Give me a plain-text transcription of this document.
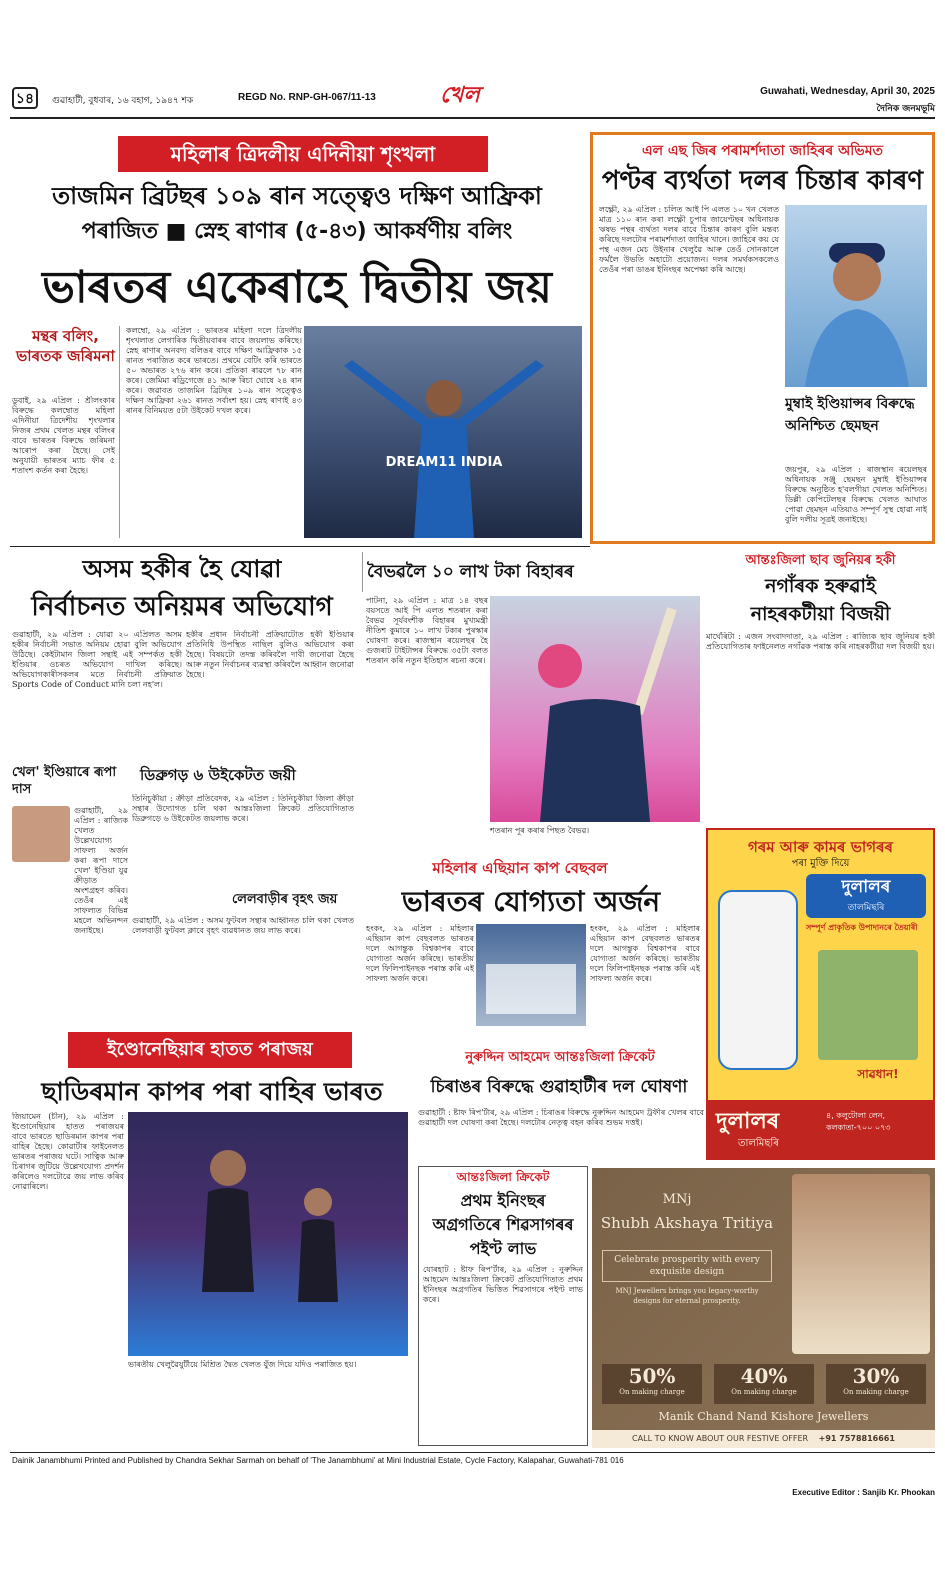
১৪	গুৱাহাটী, বুধবাৰ, ১৬ বহাগ, ১৯৪৭ শক	REGD No. RNP-GH-067/11-13	খেল	Guwahati, Wednesday, April 30, 2025
দৈনিক জনমভূমি
মহিলাৰ ত্ৰিদলীয় এদিনীয়া শৃংখলা
তাজমিন ব্ৰিটছৰ ১০৯ ৰান সত্ত্বেও দক্ষিণ আফ্ৰিকা
পৰাজিত ■ স্নেহ ৰাণাৰ (৫-৪৩) আকৰ্ষণীয় বলিং
ভাৰতৰ একেৰাহে দ্বিতীয় জয়
মন্থৰ বলিং, ভাৰতক জৰিমনা
ডুবাই, ২৯ এপ্ৰিল : শ্ৰীলংকাৰ বিৰুদ্ধে কলম্বোত মহিলা এদিনীয়া ত্ৰিদেশীয় শৃংখলাৰ নিজৰ প্ৰথম খেলত মন্থৰ বলিংৰ বাবে ভাৰতৰ বিৰুদ্ধে জৰিমনা আৰোপ কৰা হৈছে। সেই অনুযায়ী ভাৰতৰ ম্যাচ ফীৰ ৫ শতাংশ কৰ্তন কৰা হৈছে।
কলম্বো, ২৯ এপ্ৰিল : ভাৰতৰ মহিলা দলে ত্ৰিদলীয় শৃংখলাত লেগাৰিক দ্বিতীয়বাৰৰ বাবে জয়লাভ কৰিছে। স্নেহ ৰাণাৰ অনবদ্য বলিঙৰ বাবে দক্ষিণ আফ্ৰিকাক ১৫ ৰানত পৰাজিত কৰে ভাৰতে। প্ৰথমে বেটিং কৰি ভাৰতে ৫০ অভাৰত ২৭৬ ৰান কৰে। প্ৰতিকা ৰাৱলে ৭৮ ৰান কৰে। জেমিমা ৰড্ৰিগেজে ৪১ আৰু ৰিচা ঘোষে ২৪ ৰান কৰে। জৱাবত তাজমিন ব্ৰিটছৰ ১০৯ ৰান সত্ত্বেও দক্ষিণ আফ্ৰিকা ২৬১ ৰানত সৰ্বাংশ হয়। স্নেহ ৰাণাই ৪৩ ৰানৰ বিনিময়ত ৫টা উইকেট দখল কৰে।
DREAM11 INDIA
এল এছ জিৰ পৰামৰ্শদাতা জাহিৰৰ অভিমত
পণ্টৰ ব্যৰ্থতা দলৰ চিন্তাৰ কাৰণ
লক্ষ্ণৌ, ২৯ এপ্ৰিল : চলিত আই পি এলত ১০ খন খেলত মাত্ৰ ১১০ ৰান কৰা লক্ষ্ণৌ চুপাৰ জায়েণ্টছৰ অধিনায়ক ঋষভ পন্থৰ ব্যৰ্থতা দলৰ বাবে চিন্তাৰ কাৰণ বুলি মন্তব্য কৰিছে দলটোৰ পৰামৰ্শদাতা জাহিৰ খানে। জাহিৰে কয় যে পন্থ এজন মেচ উইনাৰ খেলুৱৈ আৰু তেওঁ সোনকালে ফৰ্মলৈ উভতি অহাটো প্ৰয়োজন। দলৰ সমৰ্থকসকলেও তেওঁৰ পৰা ডাঙৰ ইনিংছৰ অপেক্ষা কৰি আছে।
মুম্বাই ইণ্ডিয়ান্সৰ বিৰুদ্ধে অনিশ্চিত ছেমছন
জয়পুৰ, ২৯ এপ্ৰিল : ৰাজস্থান ৰয়েলছৰ অধিনায়ক সঞ্জু ছেমছন মুম্বাই ইণ্ডিয়ান্সৰ বিৰুদ্ধে অনুষ্ঠিত হ'বলগীয়া খেলত অনিশ্চিত। ডিল্লী কেপিটেলছৰ বিৰুদ্ধে খেলত আঘাত পোৱা ছেমছন এতিয়াও সম্পূৰ্ণ সুস্থ হোৱা নাই বুলি দলীয় সূত্ৰই জনাইছে।
অসম হকীৰ হৈ যোৱা
নিৰ্বাচনত অনিয়মৰ অভিযোগ
গুৱাহাটী, ২৯ এপ্ৰিল : যোৱা ২০ এপ্ৰিলত অসম হকীৰ নিৰ্বাচনী সভাত অনিয়ম হোৱা বুলি অভিযোগ উঠিছে। কেইটামান জিলা সন্থাই এই সম্পৰ্কত হকী ইণ্ডিয়াৰ ওচৰত অভিযোগ দাখিল কৰিছে। অভিযোগকাৰীসকলৰ মতে নিৰ্বাচনী প্ৰক্ৰিয়াত Sports Code of Conduct মানি চলা নহ'ল।
হকীৰ প্ৰধান নিৰ্বাচনী প্ৰক্ৰিয়াটোত হকী ইণ্ডিয়াৰ প্ৰতিনিধি উপস্থিত নাছিল বুলিও অভিযোগ কৰা হৈছে। বিষয়টো তদন্ত কৰিবলৈ দাবী জনোৱা হৈছে আৰু নতুন নিৰ্বাচনৰ ব্যৱস্থা কৰিবলৈ আহ্বান জনোৱা হৈছে।
খেল' ইণ্ডিয়াৰে ৰূপা দাস
গুৱাহাটী, ২৯ এপ্ৰিল : ৰাজ্যিক খেলত উল্লেখযোগ্য সাফল্য অৰ্জন কৰা ৰূপা দাসে খেল' ইণ্ডিয়া যুৱ ক্ৰীড়াত অংশগ্ৰহণ কৰিব। তেওঁৰ এই সাফল্যত বিভিন্ন মহলে অভিনন্দন জনাইছে।
ডিব্ৰুগড় ৬ উইকেটত জয়ী
তিনিচুকীয়া : ক্ৰীড়া প্ৰতিবেদক, ২৯ এপ্ৰিল : তিনিচুকীয়া জিলা ক্ৰীড়া সন্থাৰ উদ্যোগত চলি থকা আন্তঃজিলা ক্ৰিকেট প্ৰতিযোগিতাত ডিব্ৰুগড়ে ৬ উইকেটত জয়লাভ কৰে।
লেলবাড়ীৰ বৃহৎ জয়
গুৱাহাটী, ২৯ এপ্ৰিল : অসম ফুটবল সন্থাৰ আহ্বানত চলি থকা খেলত লেলবাড়ী ফুটবল ক্লাবে বৃহৎ ব্যৱধানত জয় লাভ কৰে।
বৈভৱলৈ ১০ লাখ টকা বিহাৰৰ
পাটনা, ২৯ এপ্ৰিল : মাত্ৰ ১৪ বছৰ বয়সতে আই পি এলত শতৰান কৰা বৈভৱ সূৰ্যবংশীক বিহাৰৰ মুখ্যমন্ত্ৰী নীতিশ কুমাৰে ১০ লাখ টকাৰ পুৰস্কাৰ ঘোষণা কৰে। ৰাজস্থান ৰয়েলছৰ হৈ গুজৰাট টাইটান্সৰ বিৰুদ্ধে ৩৫টা বলত শতৰান কৰি নতুন ইতিহাস ৰচনা কৰে।
শতৰান পূৰ কৰাৰ পিছত বৈভৱ।
মহিলাৰ এছিয়ান কাপ বেছবল
ভাৰতৰ যোগ্যতা অৰ্জন
হংকং, ২৯ এপ্ৰিল : মহিলাৰ এছিয়ান কাপ বেছবলত ভাৰতৰ দলে আগন্তুক বিশ্বকাপৰ বাবে যোগ্যতা অৰ্জন কৰিছে। ভাৰতীয় দলে ফিলিপাইনছক পৰাস্ত কৰি এই সাফল্য অৰ্জন কৰে।
হংকং, ২৯ এপ্ৰিল : মহিলাৰ এছিয়ান কাপ বেছবলত ভাৰতৰ দলে আগন্তুক বিশ্বকাপৰ বাবে যোগ্যতা অৰ্জন কৰিছে। ভাৰতীয় দলে ফিলিপাইনছক পৰাস্ত কৰি এই সাফল্য অৰ্জন কৰে।
ইণ্ডোনেছিয়াৰ হাতত পৰাজয়
ছাডিৰমান কাপৰ পৰা বাহিৰ ভাৰত
জিয়ামেন (চীন), ২৯ এপ্ৰিল : ইণ্ডোনেছিয়াৰ হাতত পৰাজয়ৰ বাবে ভাৰতে ছাডিৰমান কাপৰ পৰা বাহিৰ হৈছে। কোৱাৰ্টাৰ ফাইনেলত ভাৰতৰ পৰাজয় ঘটে। সাত্বিক আৰু চিৰাগৰ জুটিয়ে উল্লেখযোগ্য প্ৰদৰ্শন কৰিলেও দলটোৱে জয় লাভ কৰিব নোৱাৰিলে।
ভাৰতীয় খেলুৱৈযুটীয়ে মিশ্ৰিত দ্বৈত খেলত যুঁজ দিয়ে যদিও পৰাজিত হয়।
নুৰুদ্দিন আহমেদ আন্তঃজিলা ক্ৰিকেট
চিৰাঙৰ বিৰুদ্ধে গুৱাহাটীৰ দল ঘোষণা
গুৱাহাটী : ষ্টাফ ৰিপ'ৰ্টাৰ, ২৯ এপ্ৰিল : চিৰাঙৰ বিৰুদ্ধে নুৰুদ্দিন আহমেদ ট্ৰফীৰ খেলৰ বাবে গুৱাহাটী দল ঘোষণা কৰা হৈছে। দলটোৰ নেতৃত্ব বহন কৰিব শুভম দত্তই।
আন্তঃজিলা ক্ৰিকেট
প্ৰথম ইনিংছৰ
অগ্ৰগতিৰে শিৱসাগৰৰ
পইণ্ট লাভ
যোৰহাট : ষ্টাফ ৰিপ'ৰ্টাৰ, ২৯ এপ্ৰিল : নুৰুদ্দিন আহমেদ আন্তঃজিলা ক্ৰিকেট প্ৰতিযোগিতাত প্ৰথম ইনিংছৰ অগ্ৰগতিৰ ভিত্তিত শিৱসাগৰে পইণ্ট লাভ কৰে।
আন্তঃজিলা ছাব জুনিয়ৰ হকী
নগাঁৰক হৰুৱাই
নাহৰকটীয়া বিজয়ী
মাৰ্ঘেৰিটা : এজন সংবাদদাতা, ২৯ এপ্ৰিল : ৰাজ্যিক ছাব জুনিয়ৰ হকী প্ৰতিযোগিতাৰ ফাইনেলত নগাঁৱক পৰাস্ত কৰি নাহৰকটীয়া দল বিজয়ী হয়।
গৰম আৰু কামৰ ভাগৰৰ
পৰা মুক্তি দিয়ে
দুলালৰ
তালমিছৰি
সম্পূৰ্ণ প্ৰাকৃতিক উপাদানৰে তৈয়াৰী
সাৱধান!
দুলালৰ
তালমিছৰি
৪, কলুটোলা লেন, কলকাতা-৭০০ ০৭৩
MNj
Shubh Akshaya Tritiya
Celebrate prosperity with every exquisite design
MNJ Jewellers brings you legacy-worthy designs for eternal prosperity.
50%
On making charge
40%
On making charge
30%
On making charge
Manik Chand Nand Kishore Jewellers
CALL TO KNOW ABOUT OUR FESTIVE OFFER +91 7578816661
Dainik Janambhumi Printed and Published by Chandra Sekhar Sarmah on behalf of 'The Janambhumi' at Mini Industrial Estate, Cycle Factory, Kalapahar, Guwahati-781 016
Executive Editor : Sanjib Kr. Phookan
